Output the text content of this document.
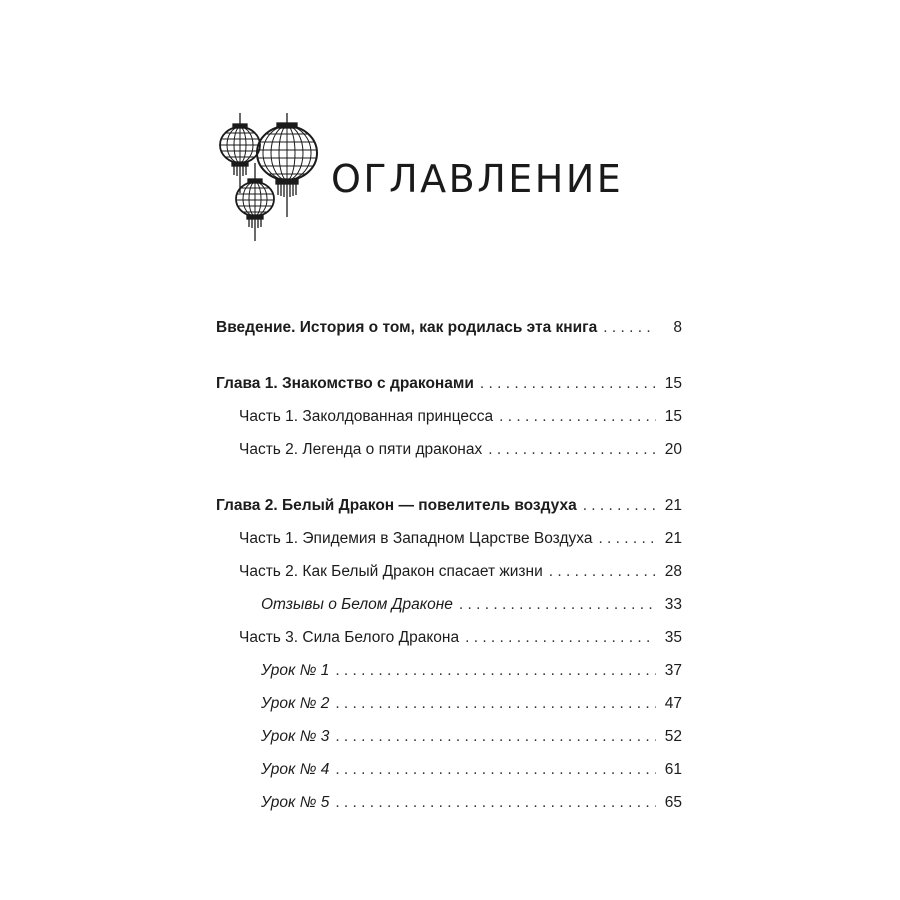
ОГЛАВЛЕНИЕ
Введение. История о том, как родилась эта книга . . .	8
Глава 1. Знакомство с драконами . . .	15
Часть 1. Заколдованная принцесса . . .	15
Часть 2. Легенда о пяти драконах . . .	20
Глава 2. Белый Дракон — повелитель воздуха . . .	21
Часть 1. Эпидемия в Западном Царстве Воздуха . . .	21
Часть 2. Как Белый Дракон спасает жизни . . .	28
Отзывы о Белом Драконе . . .	33
Часть 3. Сила Белого Дракона . . .	35
Урок № 1 . . .	37
Урок № 2 . . .	47
Урок № 3 . . .	52
Урок № 4 . . .	61
Урок № 5 . . .	65
